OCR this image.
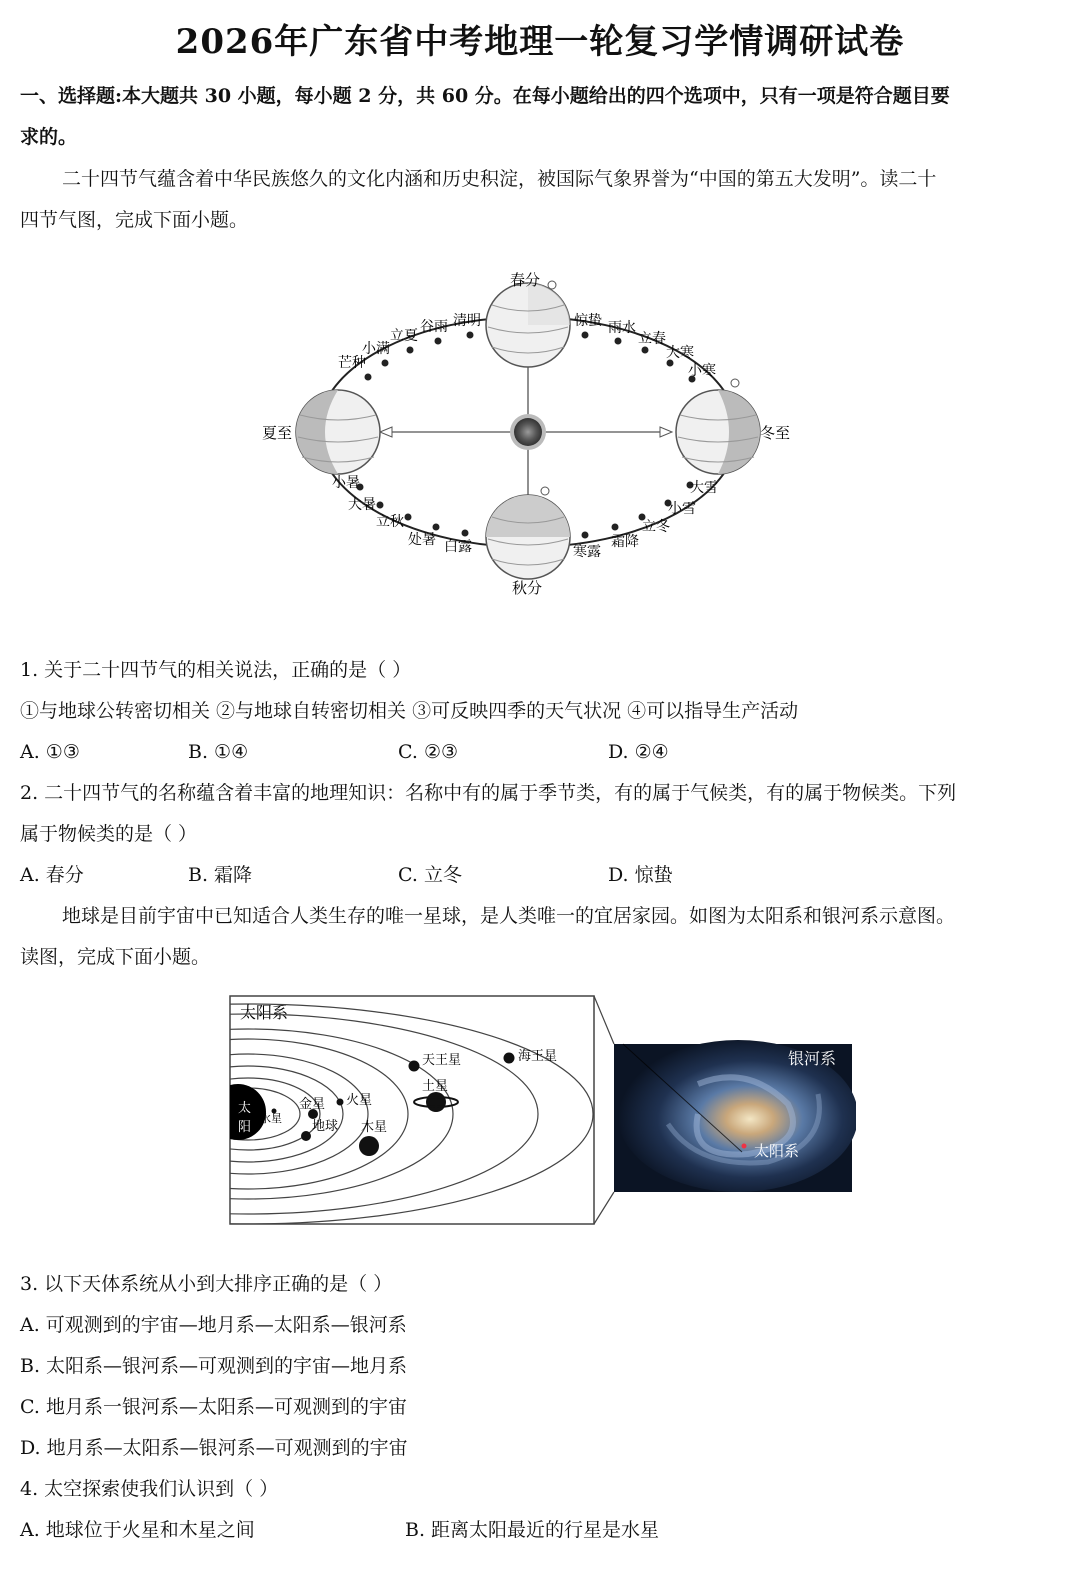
2026年广东省中考地理一轮复习学情调研试卷
一、选择题:本大题共 30 小题，每小题 2 分，共 60 分。在每小题给出的四个选项中，只有一项是符合题目要
求的。
二十四节气蕴含着中华民族悠久的文化内涵和历史积淀，被国际气象界誉为“中国的第五大发明”。读二十
四节气图，完成下面小题。
春分
夏至	冬至
秋分
惊蛰 雨水
立春
大寒
小寒
清明
谷雨
立夏
小满
芒种
小暑
大暑
立秋
处暑 白露	寒露
霜降
立冬
小雪
大雪
1. 关于二十四节气的相关说法，正确的是（ ）
①与地球公转密切相关 ②与地球自转密切相关 ③可反映四季的天气状况 ④可以指导生产活动
A. ①③	B. ①④	C. ②③	D. ②④
2. 二十四节气的名称蕴含着丰富的地理知识：名称中有的属于季节类，有的属于气候类，有的属于物候类。下列
属于物候类的是（ ）
A. 春分	B. 霜降	C. 立冬	D. 惊蛰
地球是目前宇宙中已知适合人类生存的唯一星球，是人类唯一的宜居家园。如图为太阳系和银河系示意图。
读图，完成下面小题。
太阳系
太
阳
水星
金星
地球
火星
木星
土星
天王星	海王星	银河系
太阳系
3. 以下天体系统从小到大排序正确的是（ ）
A. 可观测到的宇宙—地月系—太阳系—银河系
B. 太阳系—银河系—可观测到的宇宙—地月系
C. 地月系一银河系—太阳系—可观测到的宇宙
D. 地月系—太阳系—银河系—可观测到的宇宙
4. 太空探索使我们认识到（ ）
A. 地球位于火星和木星之间	B. 距离太阳最近的行星是水星
